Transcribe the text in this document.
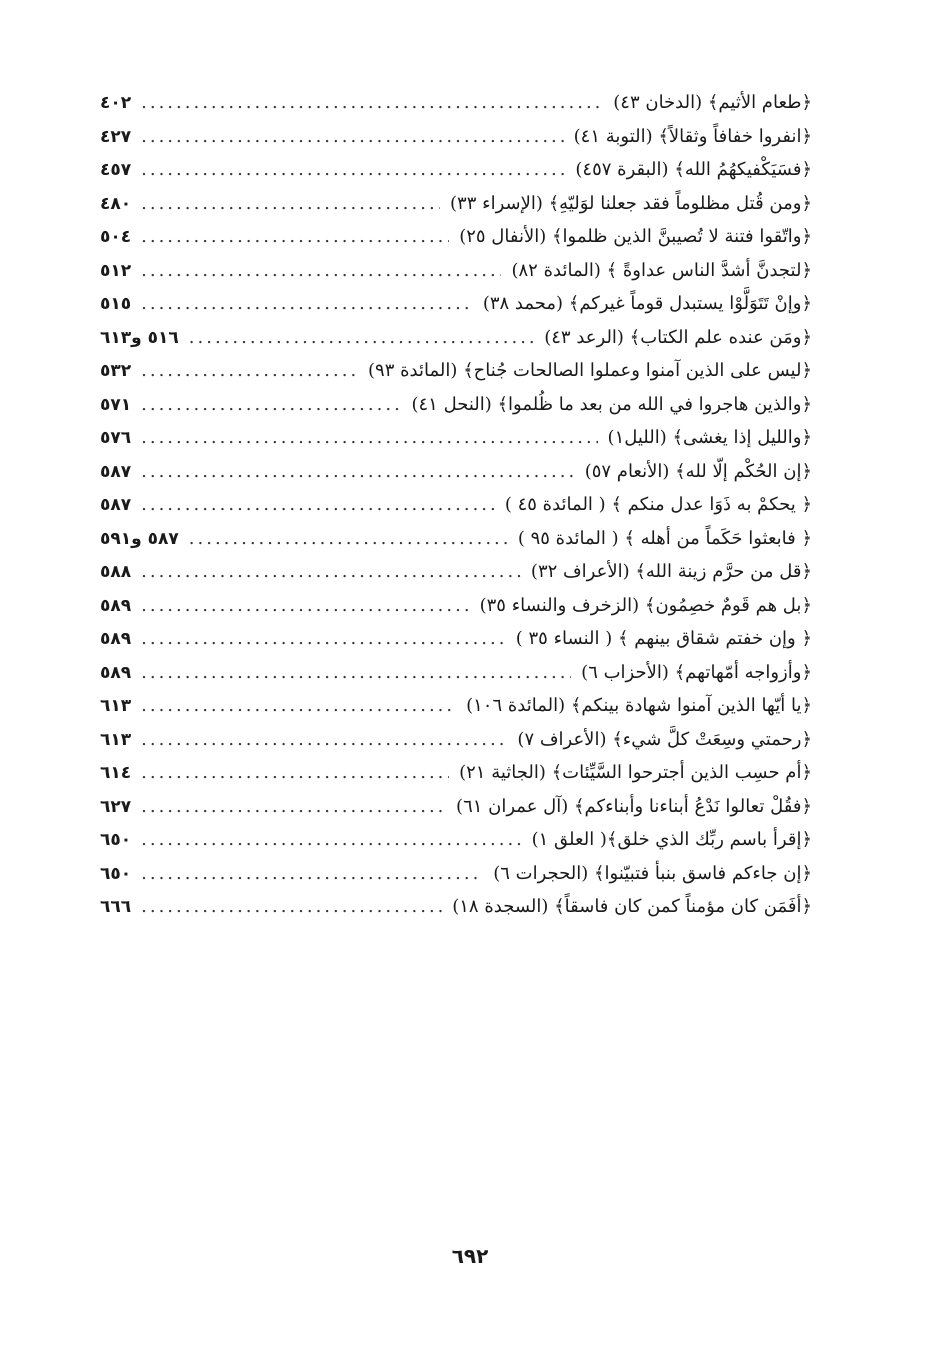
﴿طعام الأثيم﴾ (الدخان ٤٣)
.....
٤٠٢
﴿انفروا خفافاً وثقالاً﴾ (التوبة ٤١)
.....
٤٢٧
﴿فسَيَكْفيكهُمُ الله﴾ (البقرة ٤٥٧)
.....
٤٥٧
﴿ومن قُتل مظلوماً فقد جعلنا لوَليّهِ﴾ (الإسراء ٣٣)
.....
٤٨٠
﴿واتّقوا فتنة لا تُصيبنَّ الذين ظلموا﴾ (الأنفال ٢٥)
.....
٥٠٤
﴿لتجدنَّ أشدَّ الناس عداوةً ﴾ (المائدة ٨٢)
.....
٥١٢
﴿وإنْ تَتَوَلَّوْا يستبدل قوماً غيركم﴾ (محمد ٣٨)
.....
٥١٥
﴿ومَن عنده علم الكتاب﴾ (الرعد ٤٣)
.....
٥١٦ و٦١٣
﴿ليس على الذين آمنوا وعملوا الصالحات جُناح﴾ (المائدة ٩٣)
.....
٥٣٢
﴿والذين هاجروا في الله من بعد ما ظُلموا﴾ (النحل ٤١)
.....
٥٧١
﴿والليل إذا يغشى﴾ (الليل١)
.....
٥٧٦
﴿إن الحُكْم إلّا لله﴾ (الأنعام ٥٧)
.....
٥٨٧
﴿ يحكمْ به ذَوَا عدل منكم ﴾ ( المائدة ٤٥ )
.....
٥٨٧
﴿ فابعثوا حَكَماً من أهله ﴾ ( المائدة ٩٥ )
.....
٥٨٧ و٥٩١
﴿قل من حرَّم زينة الله﴾ (الأعراف ٣٢)
.....
٥٨٨
﴿بل هم قَومٌ خصِمُون﴾ (الزخرف والنساء ٣٥)
.....
٥٨٩
﴿ وإن خفتم شقاق بينهم ﴾ ( النساء ٣٥ )
.....
٥٨٩
﴿وأزواجه أمّهاتهم﴾ (الأحزاب ٦)
.....
٥٨٩
﴿يا أيّها الذين آمنوا شهادة بينكم﴾ (المائدة ١٠٦)
.....
٦١٣
﴿رحمتي وسِعَتْ كلَّ شيء﴾ (الأعراف ٧)
.....
٦١٣
﴿أم حسِب الذين أجترحوا السَّيِّئات﴾ (الجاثية ٢١)
.....
٦١٤
﴿فقُلْ تعالوا نَدْعُ أبناءنا وأبناءكم﴾ (آل عمران ٦١)
.....
٦٢٧
﴿إقرأ باسم ربِّك الذي خلق﴾( العلق ١)
.....
٦٥٠
﴿إن جاءكم فاسق بنبأ فتبيّنوا﴾ (الحجرات ٦)
.....
٦٥٠
﴿أفَمَن كان مؤمناً كمن كان فاسقاً﴾ (السجدة ١٨)
.....
٦٦٦
٦٩٢
